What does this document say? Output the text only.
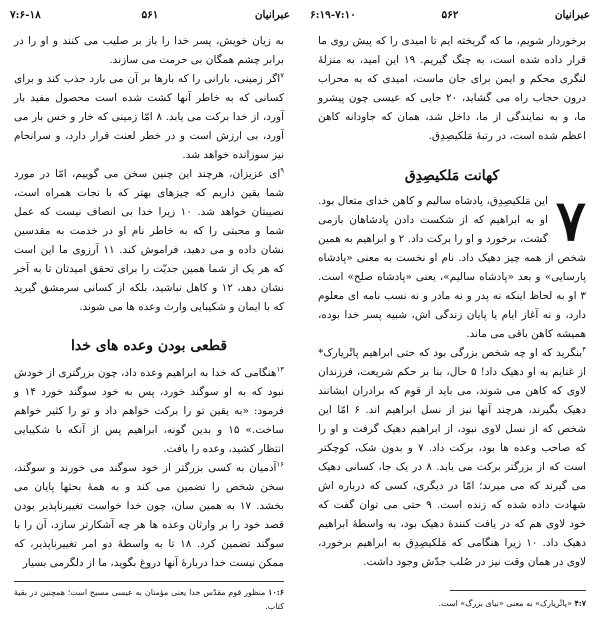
عبرانیان
۵۶۱
۷:۶-۱۸

به زیان خویش، پسر خدا را باز بر صلیب می کنند و او را در برابر چشم همگان بی حرمت می سازند.

$^۷$اگر زمینی، بارانی را که بارها بر آن می بارد جذب کند و برای کسانی که به خاطر آنها کشت شده است محصول مفید بار آورد، از خدا برکت می یابد. ۸ امّا زمینی که خار و خس بار می آورد، بی ارزش است و در خطر لعنت قرار دارد، و سرانجام نیز سوزانده خواهد شد.

$^۹$ای عزیزان، هرچند این چنین سخن می گوییم، امّا در مورد شما یقین داریم که چیزهای بهتر که با نجات همراه است، نصیبتان خواهد شد. ۱۰ زیرا خدا بی انصاف نیست که عمل شما و محبتی را که به خاطر نام او در خدمت به مقدسین نشان داده و می دهید، فراموش کند. ۱۱ آرزوی ما این است که هر یک از شما همین جدیّت را برای تحقق امیدتان تا به آخر نشان دهد، ۱۲ و کاهل نباشید، بلکه از کسانی سرمشق گیرید که با ایمان و شکیبایی وارث وعده ها می شوند.

قطعی بودن وعده های خدا

$^{۱۳}$هنگامی که خدا به ابراهیم وعده داد، چون بزرگتری از خودش نبود که به او سوگند خورد، پس به خود سوگند خورد ۱۴ و فرمود: «به یقین تو را برکت خواهم داد و تو را کثیر خواهم ساخت.» ۱۵ و بدین گونه، ابراهیم پس از آنکه با شکیبایی انتظار کشید، وعده را یافت.

$^{۱۶}$آدمیان به کسی بزرگتر از خود سوگند می خورند و سوگند، سخن شخص را تضمین می کند و به همهٔ بحثها پایان می بخشد. ۱۷ به همین سان، چون خدا خواست تغییرناپذیر بودن قصد خود را بر وارثان وعده ها هر چه آشکارتر سازد، آن را با سوگند تضمین کرد. ۱۸ تا به واسطهٔ دو امر تغییرناپذیر، که ممکن نیست خدا دربارهٔ آنها دروغ بگوید، ما از دلگرمی بسیار

۱۰:۶ منظور قوم مقدّس خدا یعنی مؤمنان به عیسی مسیح است؛ همچنین در بقیهٔ کتاب.
عبرانیان
۵۶۲
۶:۱۹-۷:۱۰

برخوردار شویم، ما که گریخته ایم تا امیدی را که پیش روی ما قرار داده شده است، به چنگ گیریم. ۱۹ این امید، به منزلهٔ لنگری محکم و ایمن برای جان ماست، امیدی که به محراب درون حجاب راه می گشاید، ۲۰ جایی که عیسی چون پیشرو ما، و به نمایندگی از ما، داخل شد، همان که جاودانه کاهن اعظم شده است، در رتبهٔ مَلکیصِدِق.

کهانت مَلکیصِدِق

۷
این مَلکیصِدِق، پادشاه سالیم و کاهن خدای متعال بود. او به ابراهیم که از شکست دادن پادشاهان بازمی گشت، برخورد و او را برکت داد. ۲ و ابراهیم به همین شخص از همه چیز دهیک داد. نام او نخست به معنی «پادشاه پارسایی» و بعد «پادشاه سالیم»، یعنی «پادشاه صلح» است. ۳ او به لحاظ اینکه نه پدر و نه مادر و نه نسب نامه ای معلوم دارد، و نه آغاز ایام یا پایان زندگی اش، شبیه پسر خدا بوده، همیشه کاهن باقی می ماند.

$^۴$بنگرید که او چه شخص بزرگی بود که حتی ابراهیم پاتْریارک* از غنایم به او دهیک داد! ۵ حال، بنا بر حکم شریعت، فرزندان لاوی که کاهن می شوند، می باید از قوم که برادران ایشانند دهیک بگیرند، هرچند آنها نیز از نسل ابراهیم اند. ۶ امّا این شخص که از نسل لاوی نبود، از ابراهیم دهیک گرفت و او را که صاحب وعده ها بود، برکت داد. ۷ و بدون شک، کوچکتر است که از بزرگتر برکت می یابد. ۸ در یک جا، کسانی دهیک می گیرند که می میرند؛ امّا در دیگری، کسی که درباره اش شهادت داده شده که زنده است. ۹ حتی می توان گفت که خود لاوی هم که در یافت کنندهٔ دهیک بود، به واسطهٔ ابراهیم دهیک داد. ۱۰ زیرا هنگامی که مَلکیصِدِق به ابراهیم برخورد، لاوی در همان وقت نیز در صُلب جدّش وجود داشت.

۴:۷ «پاتْریارک» به معنی «نیای بزرگ» است.
